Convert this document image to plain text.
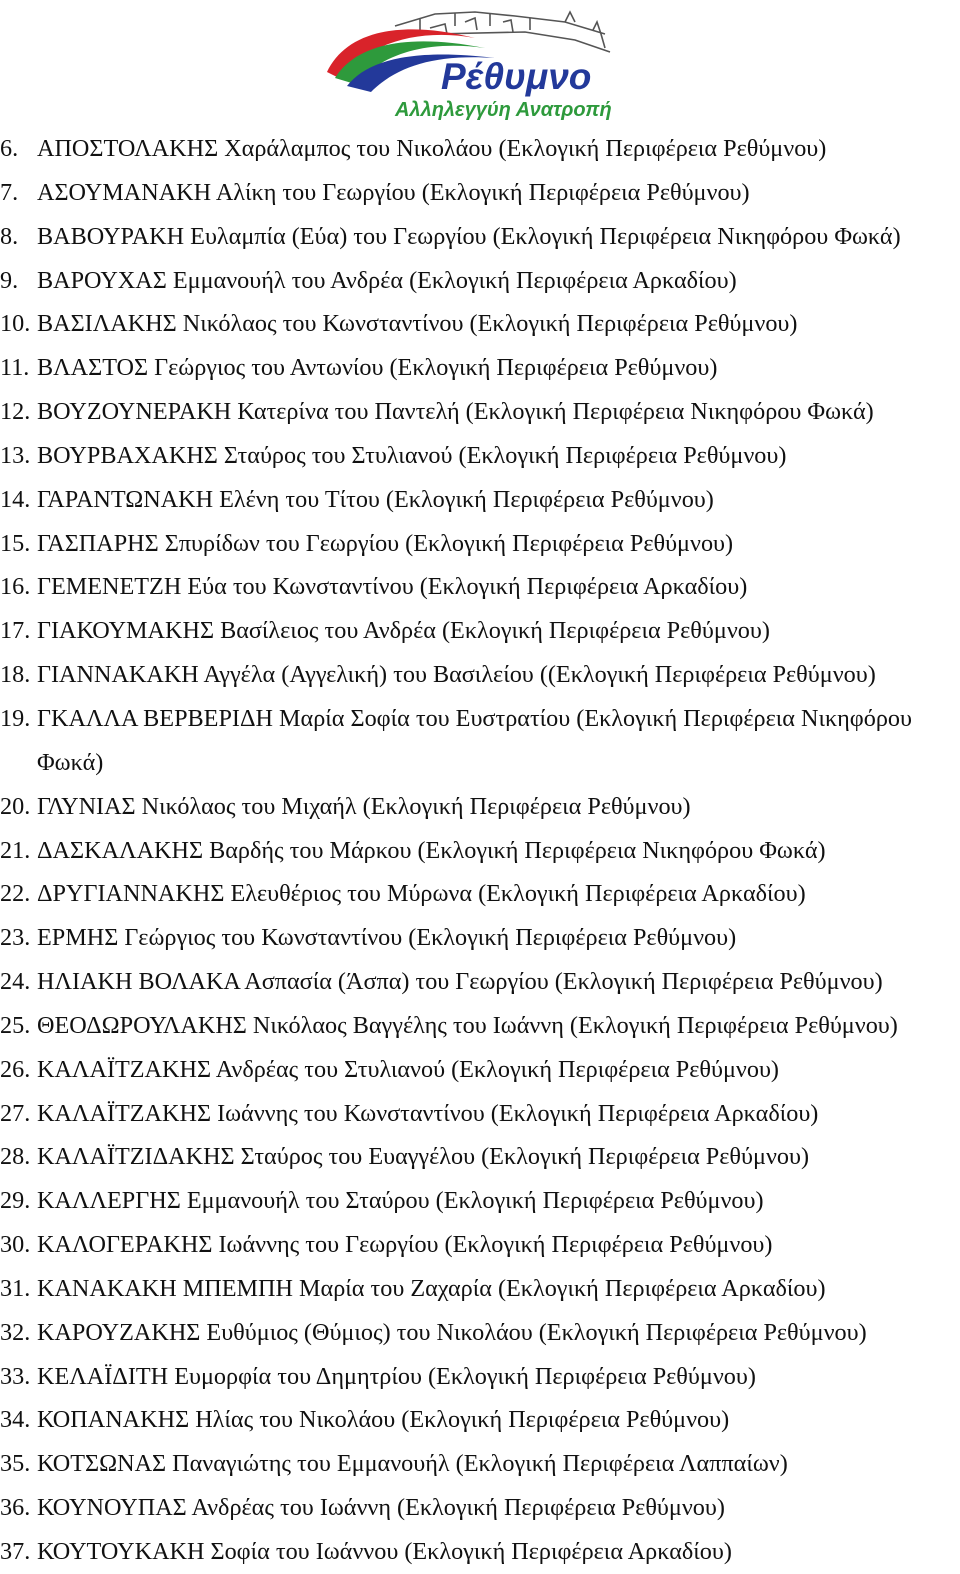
Ρέθυμνο
Αλληλεγγύη Ανατροπή
6. ΑΠΟΣΤΟΛΑΚΗΣ Χαράλαμπος του Νικολάου (Εκλογική Περιφέρεια Ρεθύμνου)
7. ΑΣΟΥΜΑΝΑΚΗ Αλίκη του Γεωργίου (Εκλογική Περιφέρεια Ρεθύμνου)
8. ΒΑΒΟΥΡΑΚΗ Ευλαμπία (Εύα) του Γεωργίου (Εκλογική Περιφέρεια Νικηφόρου Φωκά)
9. ΒΑΡΟΥΧΑΣ Εμμανουήλ του Ανδρέα (Εκλογική Περιφέρεια Αρκαδίου)
10. ΒΑΣΙΛΑΚΗΣ Νικόλαος του Κωνσταντίνου (Εκλογική Περιφέρεια Ρεθύμνου)
11. ΒΛΑΣΤΟΣ Γεώργιος του Αντωνίου (Εκλογική Περιφέρεια Ρεθύμνου)
12. ΒΟΥΖΟΥΝΕΡΑΚΗ Κατερίνα του Παντελή (Εκλογική Περιφέρεια Νικηφόρου Φωκά)
13. ΒΟΥΡΒΑΧΑΚΗΣ Σταύρος του Στυλιανού (Εκλογική Περιφέρεια Ρεθύμνου)
14. ΓΑΡΑΝΤΩΝΑΚΗ Ελένη του Τίτου (Εκλογική Περιφέρεια Ρεθύμνου)
15. ΓΑΣΠΑΡΗΣ Σπυρίδων του Γεωργίου (Εκλογική Περιφέρεια Ρεθύμνου)
16. ΓΕΜΕΝΕΤΖΗ Εύα του Κωνσταντίνου (Εκλογική Περιφέρεια Αρκαδίου)
17. ΓΙΑΚΟΥΜΑΚΗΣ Βασίλειος του Ανδρέα (Εκλογική Περιφέρεια Ρεθύμνου)
18. ΓΙΑΝΝΑΚΑΚΗ Αγγέλα (Αγγελική) του Βασιλείου ((Εκλογική Περιφέρεια Ρεθύμνου)
19. ΓΚΑΛΛΑ ΒΕΡΒΕΡΙΔΗ Μαρία Σοφία του Ευστρατίου (Εκλογική Περιφέρεια Νικηφόρου
Φωκά)
20. ΓΛΥΝΙΑΣ Νικόλαος του Μιχαήλ (Εκλογική Περιφέρεια Ρεθύμνου)
21. ΔΑΣΚΑΛΑΚΗΣ Βαρδής του Μάρκου (Εκλογική Περιφέρεια Νικηφόρου Φωκά)
22. ΔΡΥΓΙΑΝΝΑΚΗΣ Ελευθέριος του Μύρωνα (Εκλογική Περιφέρεια Αρκαδίου)
23. ΕΡΜΗΣ Γεώργιος του Κωνσταντίνου (Εκλογική Περιφέρεια Ρεθύμνου)
24. ΗΛΙΑΚΗ ΒΟΛΑΚΑ Ασπασία (Άσπα) του Γεωργίου (Εκλογική Περιφέρεια Ρεθύμνου)
25. ΘΕΟΔΩΡΟΥΛΑΚΗΣ Νικόλαος Βαγγέλης του Ιωάννη (Εκλογική Περιφέρεια Ρεθύμνου)
26. ΚΑΛΑΪΤΖΑΚΗΣ Ανδρέας του Στυλιανού (Εκλογική Περιφέρεια Ρεθύμνου)
27. ΚΑΛΑΪΤΖΑΚΗΣ Ιωάννης του Κωνσταντίνου (Εκλογική Περιφέρεια Αρκαδίου)
28. ΚΑΛΑΪΤΖΙΔΑΚΗΣ Σταύρος του Ευαγγέλου (Εκλογική Περιφέρεια Ρεθύμνου)
29. ΚΑΛΛΕΡΓΗΣ Εμμανουήλ του Σταύρου (Εκλογική Περιφέρεια Ρεθύμνου)
30. ΚΑΛΟΓΕΡΑΚΗΣ Ιωάννης του Γεωργίου (Εκλογική Περιφέρεια Ρεθύμνου)
31. ΚΑΝΑΚΑΚΗ ΜΠΕΜΠΗ Μαρία του Ζαχαρία (Εκλογική Περιφέρεια Αρκαδίου)
32. ΚΑΡΟΥΖΑΚΗΣ Ευθύμιος (Θύμιος) του Νικολάου (Εκλογική Περιφέρεια Ρεθύμνου)
33. ΚΕΛΑΪΔΙΤΗ Ευμορφία του Δημητρίου (Εκλογική Περιφέρεια Ρεθύμνου)
34. ΚΟΠΑΝΑΚΗΣ Ηλίας του Νικολάου (Εκλογική Περιφέρεια Ρεθύμνου)
35. ΚΟΤΣΩΝΑΣ Παναγιώτης του Εμμανουήλ (Εκλογική Περιφέρεια Λαππαίων)
36. ΚΟΥΝΟΥΠΑΣ Ανδρέας του Ιωάννη (Εκλογική Περιφέρεια Ρεθύμνου)
37. ΚΟΥΤΟΥΚΑΚΗ Σοφία του Ιωάννου (Εκλογική Περιφέρεια Αρκαδίου)
